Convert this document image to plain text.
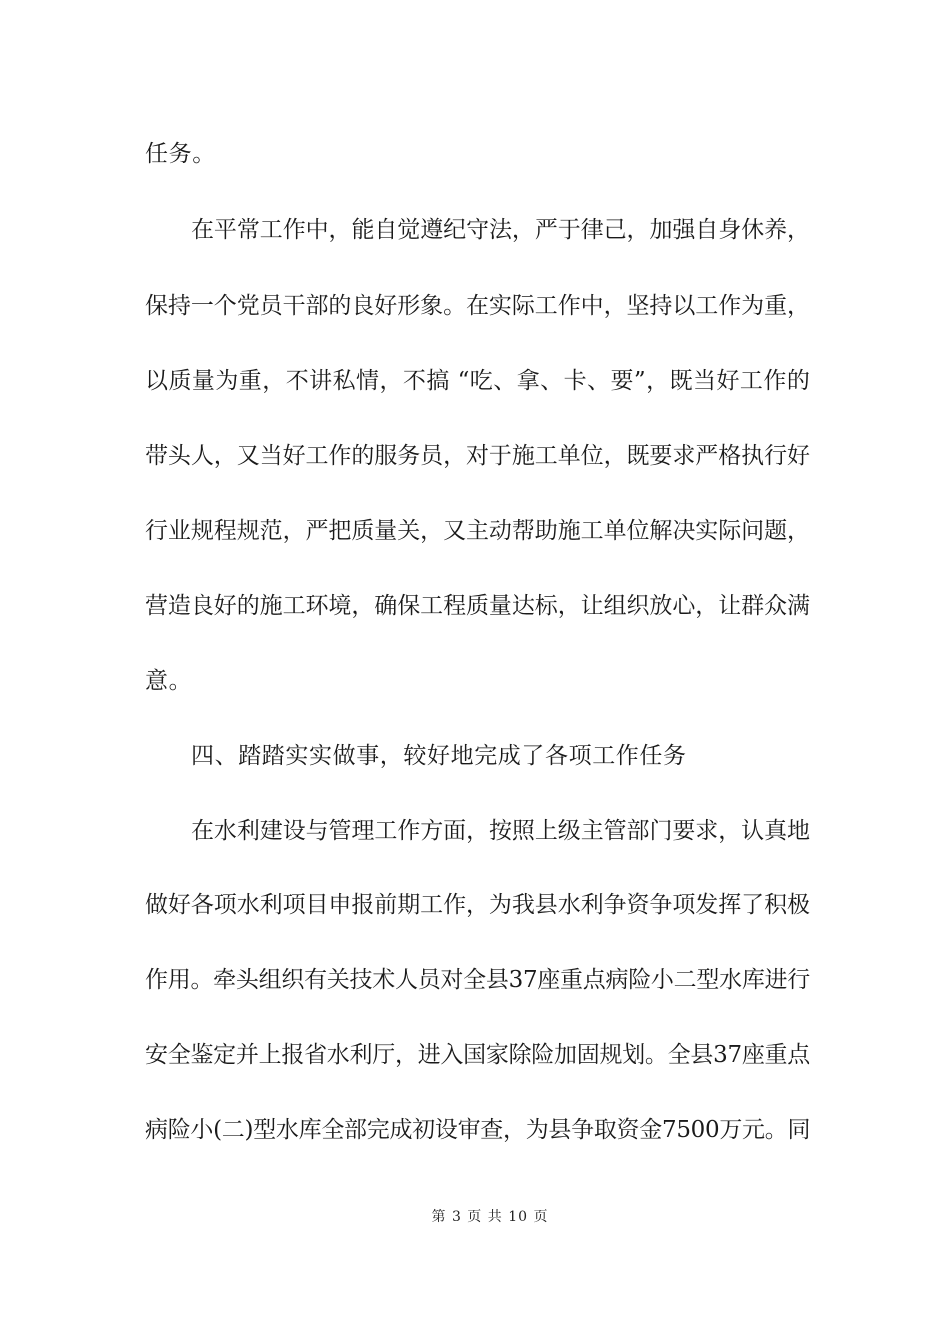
任务。
在平常工作中，能自觉遵纪守法，严于律己，加强自身休养，
保持一个党员干部的良好形象。在实际工作中，坚持以工作为重，
以质量为重，不讲私情，不搞 “吃、拿、卡、要”，既当好工作的
带头人，又当好工作的服务员，对于施工单位，既要求严格执行好
行业规程规范，严把质量关，又主动帮助施工单位解决实际问题，
营造良好的施工环境，确保工程质量达标，让组织放心，让群众满
意。
四、踏踏实实做事，较好地完成了各项工作任务
在水利建设与管理工作方面，按照上级主管部门要求，认真地
做好各项水利项目申报前期工作，为我县水利争资争项发挥了积极
作用。牵头组织有关技术人员对全县37座重点病险小二型水库进行
安全鉴定并上报省水利厅，进入国家除险加固规划。全县37座重点
病险小(二)型水库全部完成初设审查，为县争取资金7500万元。同
第 3 页 共 10 页
